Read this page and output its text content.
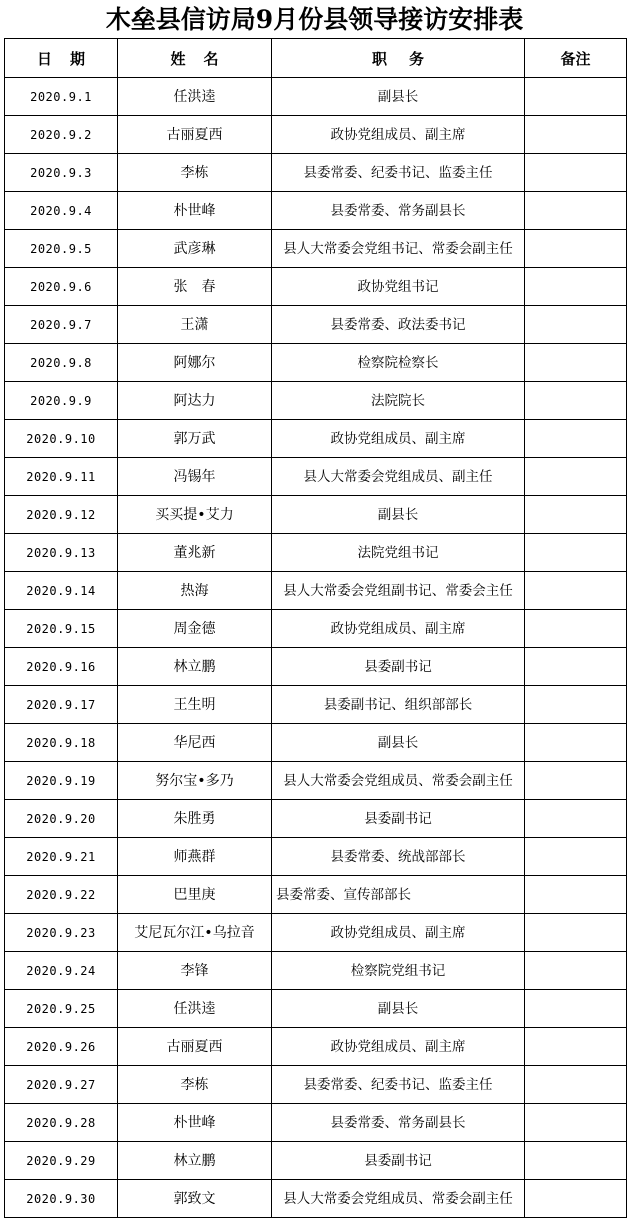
木垒县信访局9月份县领导接访安排表
日期	姓名	职务	备注
2020.9.1	任洪逵	副县长	
2020.9.2	古丽夏西	政协党组成员、副主席	
2020.9.3	李栋	县委常委、纪委书记、监委主任	
2020.9.4	朴世峰	县委常委、常务副县长	
2020.9.5	武彦琳	县人大常委会党组书记、常委会副主任	
2020.9.6	张　春	政协党组书记	
2020.9.7	王潇	县委常委、政法委书记	
2020.9.8	阿娜尔	检察院检察长	
2020.9.9	阿达力	法院院长	
2020.9.10	郭万武	政协党组成员、副主席	
2020.9.11	冯锡年	县人大常委会党组成员、副主任	
2020.9.12	买买提•艾力	副县长	
2020.9.13	董兆新	法院党组书记	
2020.9.14	热海	县人大常委会党组副书记、常委会主任	
2020.9.15	周金德	政协党组成员、副主席	
2020.9.16	林立鹏	县委副书记	
2020.9.17	王生明	县委副书记、组织部部长	
2020.9.18	华尼西	副县长	
2020.9.19	努尔宝•多乃	县人大常委会党组成员、常委会副主任	
2020.9.20	朱胜勇	县委副书记	
2020.9.21	师燕群	县委常委、统战部部长	
2020.9.22	巴里庚	县委常委、宣传部部长	
2020.9.23	艾尼瓦尔江•乌拉音	政协党组成员、副主席	
2020.9.24	李锋	检察院党组书记	
2020.9.25	任洪逵	副县长	
2020.9.26	古丽夏西	政协党组成员、副主席	
2020.9.27	李栋	县委常委、纪委书记、监委主任	
2020.9.28	朴世峰	县委常委、常务副县长	
2020.9.29	林立鹏	县委副书记	
2020.9.30	郭致文	县人大常委会党组成员、常委会副主任	
